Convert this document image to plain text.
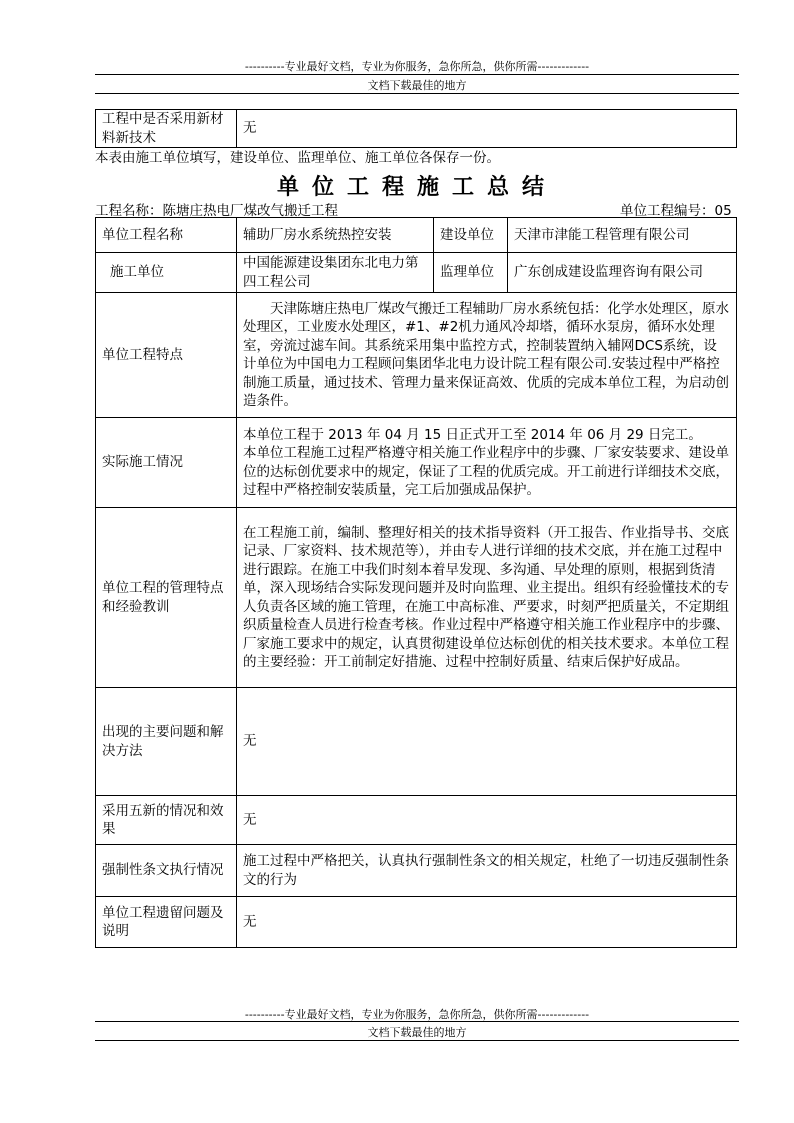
----------专业最好文档，专业为你服务，急你所急，供你所需-------------
文档下载最佳的地方
工程中是否采用新材料新技术	无
本表由施工单位填写，建设单位、监理单位、施工单位各保存一份。
单位工程施工总结
工程名称：陈塘庄热电厂煤改气搬迁工程	单位工程编号：05
单位工程名称	辅助厂房水系统热控安装	建设单位	天津市津能工程管理有限公司
施工单位	中国能源建设集团东北电力第四工程公司	监理单位	广东创成建设监理咨询有限公司
单位工程特点	天津陈塘庄热电厂煤改气搬迁工程辅助厂房水系统包括：化学水处理区，原水处理区，工业废水处理区，#1、#2机力通风冷却塔，循环水泵房，循环水处理室，旁流过滤车间。其系统采用集中监控方式，控制装置纳入辅网DCS系统，设计单位为中国电力工程顾问集团华北电力设计院工程有限公司.安装过程中严格控制施工质量，通过技术、管理力量来保证高效、优质的完成本单位工程，为启动创造条件。		
实际施工情况	本单位工程于 2013 年 04 月 15 日正式开工至 2014 年 06 月 29 日完工。
本单位工程施工过程严格遵守相关施工作业程序中的步骤、厂家安装要求、建设单位的达标创优要求中的规定，保证了工程的优质完成。开工前进行详细技术交底，过程中严格控制安装质量，完工后加强成品保护。		

单位工程的管理特点和经验教训	在工程施工前，编制、整理好相关的技术指导资料（开工报告、作业指导书、交底记录、厂家资料、技术规范等），并由专人进行详细的技术交底，并在施工过程中进行跟踪。在施工中我们时刻本着早发现、多沟通、早处理的原则，根据到货清单，深入现场结合实际发现问题并及时向监理、业主提出。组织有经验懂技术的专人负责各区域的施工管理，在施工中高标准、严要求，时刻严把质量关，不定期组织质量检查人员进行检查考核。作业过程中严格遵守相关施工作业程序中的步骤、厂家施工要求中的规定，认真贯彻建设单位达标创优的相关技术要求。本单位工程的主要经验：开工前制定好措施、过程中控制好质量、结束后保护好成品。		
出现的主要问题和解决方法	无		
采用五新的情况和效果	无		
强制性条文执行情况	施工过程中严格把关，认真执行强制性条文的相关规定，杜绝了一切违反强制性条文的行为		
单位工程遗留问题及说明	无		
----------专业最好文档，专业为你服务，急你所急，供你所需-------------
文档下载最佳的地方
